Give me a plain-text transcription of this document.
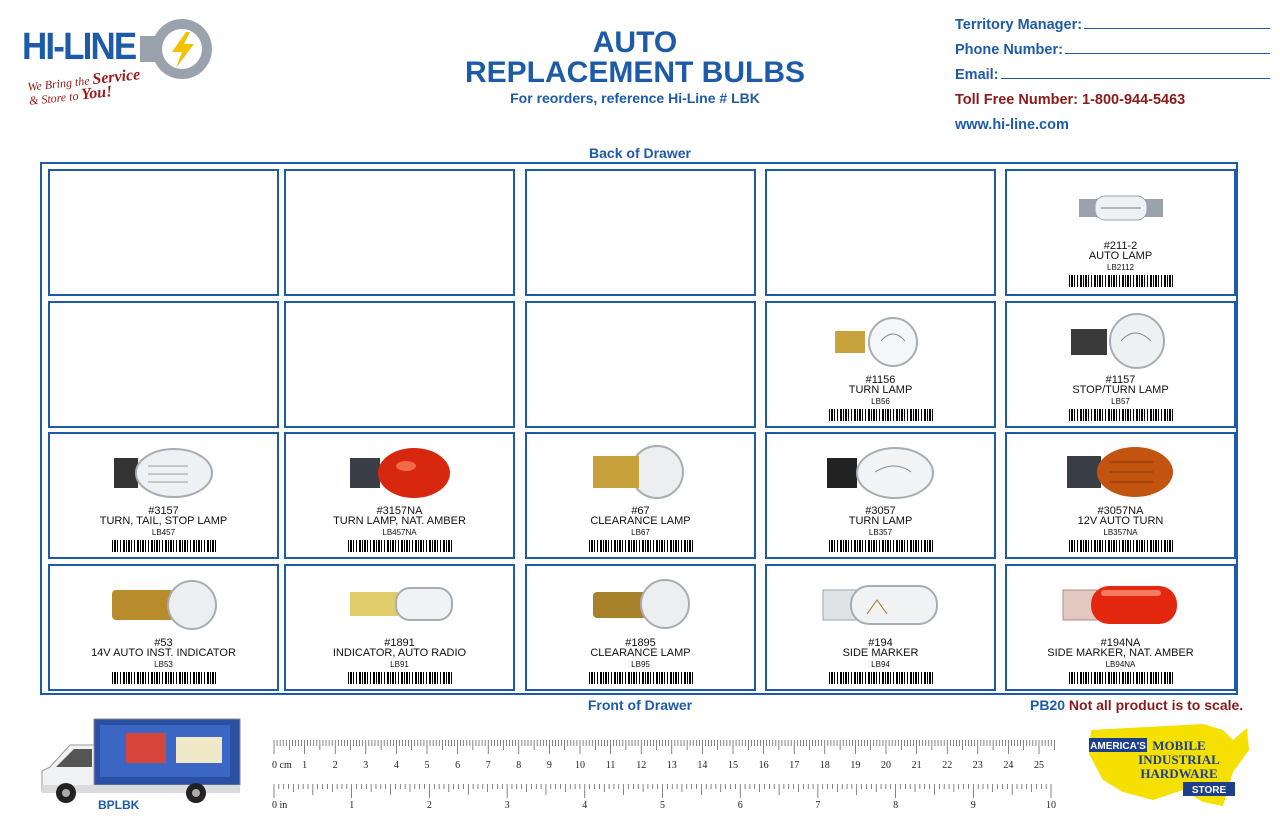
HI-LINE
We Bring the Service
& Store to You!
AUTO
REPLACEMENT BULBS
For reorders, reference Hi-Line # LBK
Territory Manager:
Phone Number:
Email:
Toll Free Number: 1-800-944-5463
www.hi-line.com
Back of Drawer
#211-2
AUTO LAMP
LB2112
#1156
TURN LAMP
LB56
#1157
STOP/TURN LAMP
LB57
#3157
TURN, TAIL, STOP LAMP
LB457
#3157NA
TURN LAMP, NAT. AMBER
LB457NA
#67
CLEARANCE LAMP
LB67
#3057
TURN LAMP
LB357
#3057NA
12V AUTO TURN
LB357NA
#53
14V AUTO INST. INDICATOR
LB53
#1891
INDICATOR, AUTO RADIO
LB91
#1895
CLEARANCE LAMP
LB95
#194
SIDE MARKER
LB94
#194NA
SIDE MARKER, NAT. AMBER
LB94NA
Front of Drawer	PB20 Not all product is to scale.
BPLBK
1	2	3	4	5	6	7	8	9 10 11 12 13 14 15 16 17 18 19 20 21 22 23 24 25
1	2	3	4	5	6	7	8	9	10
0 cm
0 in
AMERICA'S MOBILE
INDUSTRIAL
HARDWARE
STORE
